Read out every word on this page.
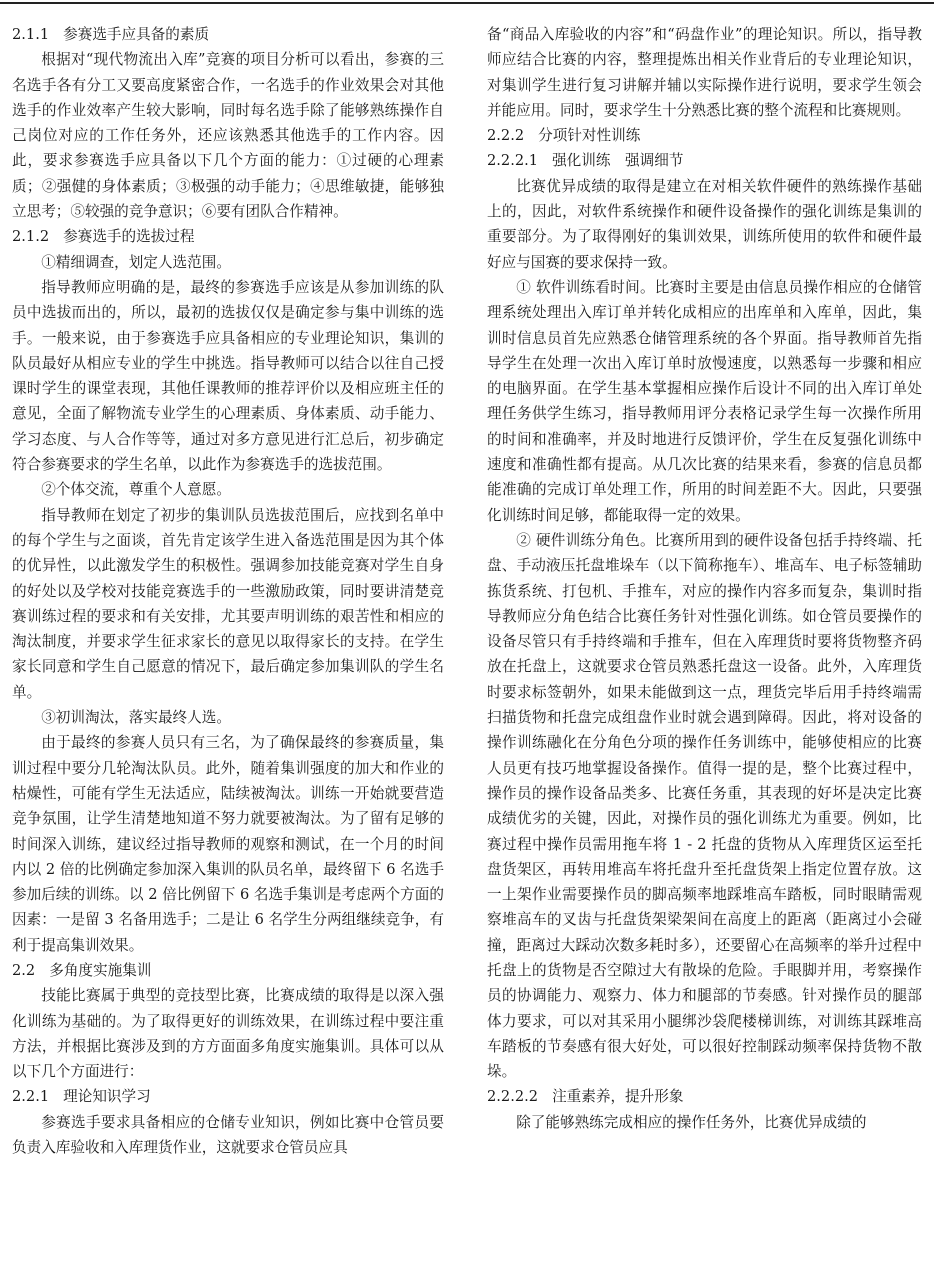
2.1.1 参赛选手应具备的素质

根据对“现代物流出入库”竞赛的项目分析可以看出，参赛的三名选手各有分工又要高度紧密合作，一名选手的作业效果会对其他选手的作业效率产生较大影响，同时每名选手除了能够熟练操作自己岗位对应的工作任务外，还应该熟悉其他选手的工作内容。因此，要求参赛选手应具备以下几个方面的能力：①过硬的心理素质；②强健的身体素质；③极强的动手能力；④思维敏捷，能够独立思考；⑤较强的竞争意识；⑥要有团队合作精神。

2.1.2 参赛选手的选拔过程

①精细调查，划定人选范围。

指导教师应明确的是，最终的参赛选手应该是从参加训练的队员中选拔而出的，所以，最初的选拔仅仅是确定参与集中训练的选手。一般来说，由于参赛选手应具备相应的专业理论知识，集训的队员最好从相应专业的学生中挑选。指导教师可以结合以往自己授课时学生的课堂表现，其他任课教师的推荐评价以及相应班主任的意见，全面了解物流专业学生的心理素质、身体素质、动手能力、学习态度、与人合作等等，通过对多方意见进行汇总后，初步确定符合参赛要求的学生名单，以此作为参赛选手的选拔范围。

②个体交流，尊重个人意愿。

指导教师在划定了初步的集训队员选拔范围后，应找到名单中的每个学生与之面谈，首先肯定该学生进入备选范围是因为其个体的优异性，以此激发学生的积极性。强调参加技能竞赛对学生自身的好处以及学校对技能竞赛选手的一些激励政策，同时要讲清楚竞赛训练过程的要求和有关安排，尤其要声明训练的艰苦性和相应的淘汰制度，并要求学生征求家长的意见以取得家长的支持。在学生家长同意和学生自己愿意的情况下，最后确定参加集训队的学生名单。

③初训淘汰，落实最终人选。

由于最终的参赛人员只有三名，为了确保最终的参赛质量，集训过程中要分几轮淘汰队员。此外，随着集训强度的加大和作业的枯燥性，可能有学生无法适应，陆续被淘汰。训练一开始就要营造竞争氛围，让学生清楚地知道不努力就要被淘汰。为了留有足够的时间深入训练，建议经过指导教师的观察和测试，在一个月的时间内以 2 倍的比例确定参加深入集训的队员名单，最终留下 6 名选手参加后续的训练。以 2 倍比例留下 6 名选手集训是考虑两个方面的因素：一是留 3 名备用选手；二是让 6 名学生分两组继续竞争，有利于提高集训效果。

2.2 多角度实施集训

技能比赛属于典型的竞技型比赛，比赛成绩的取得是以深入强化训练为基础的。为了取得更好的训练效果，在训练过程中要注重方法，并根据比赛涉及到的方方面面多角度实施集训。具体可以从以下几个方面进行：

2.2.1 理论知识学习

参赛选手要求具备相应的仓储专业知识，例如比赛中仓管员要负责入库验收和入库理货作业，这就要求仓管员应具

备“商品入库验收的内容”和“码盘作业”的理论知识。所以，指导教师应结合比赛的内容，整理提炼出相关作业背后的专业理论知识，对集训学生进行复习讲解并辅以实际操作进行说明，要求学生领会并能应用。同时，要求学生十分熟悉比赛的整个流程和比赛规则。

2.2.2 分项针对性训练
2.2.2.1 强化训练　强调细节

比赛优异成绩的取得是建立在对相关软件硬件的熟练操作基础上的，因此，对软件系统操作和硬件设备操作的强化训练是集训的重要部分。为了取得刚好的集训效果，训练所使用的软件和硬件最好应与国赛的要求保持一致。

① 软件训练看时间。比赛时主要是由信息员操作相应的仓储管理系统处理出入库订单并转化成相应的出库单和入库单，因此，集训时信息员首先应熟悉仓储管理系统的各个界面。指导教师首先指导学生在处理一次出入库订单时放慢速度，以熟悉每一步骤和相应的电脑界面。在学生基本掌握相应操作后设计不同的出入库订单处理任务供学生练习，指导教师用评分表格记录学生每一次操作所用的时间和准确率，并及时地进行反馈评价，学生在反复强化训练中速度和准确性都有提高。从几次比赛的结果来看，参赛的信息员都能准确的完成订单处理工作，所用的时间差距不大。因此，只要强化训练时间足够，都能取得一定的效果。

② 硬件训练分角色。比赛所用到的硬件设备包括手持终端、托盘、手动液压托盘堆垛车（以下简称拖车）、堆高车、电子标签辅助拣货系统、打包机、手推车，对应的操作内容多而复杂，集训时指导教师应分角色结合比赛任务针对性强化训练。如仓管员要操作的设备尽管只有手持终端和手推车，但在入库理货时要将货物整齐码放在托盘上，这就要求仓管员熟悉托盘这一设备。此外，入库理货时要求标签朝外，如果未能做到这一点，理货完毕后用手持终端需扫描货物和托盘完成组盘作业时就会遇到障碍。因此，将对设备的操作训练融化在分角色分项的操作任务训练中，能够使相应的比赛人员更有技巧地掌握设备操作。值得一提的是，整个比赛过程中，操作员的操作设备品类多、比赛任务重，其表现的好坏是决定比赛成绩优劣的关键，因此，对操作员的强化训练尤为重要。例如，比赛过程中操作员需用拖车将 1 - 2 托盘的货物从入库理货区运至托盘货架区，再转用堆高车将托盘升至托盘货架上指定位置存放。这一上架作业需要操作员的脚高频率地踩堆高车踏板，同时眼睛需观察堆高车的叉齿与托盘货架梁架间在高度上的距离（距离过小会碰撞，距离过大踩动次数多耗时多），还要留心在高频率的举升过程中托盘上的货物是否空隙过大有散垛的危险。手眼脚并用，考察操作员的协调能力、观察力、体力和腿部的节奏感。针对操作员的腿部体力要求，可以对其采用小腿绑沙袋爬楼梯训练，对训练其踩堆高车踏板的节奏感有很大好处，可以很好控制踩动频率保持货物不散垛。

2.2.2.2 注重素养，提升形象

除了能够熟练完成相应的操作任务外，比赛优异成绩的
